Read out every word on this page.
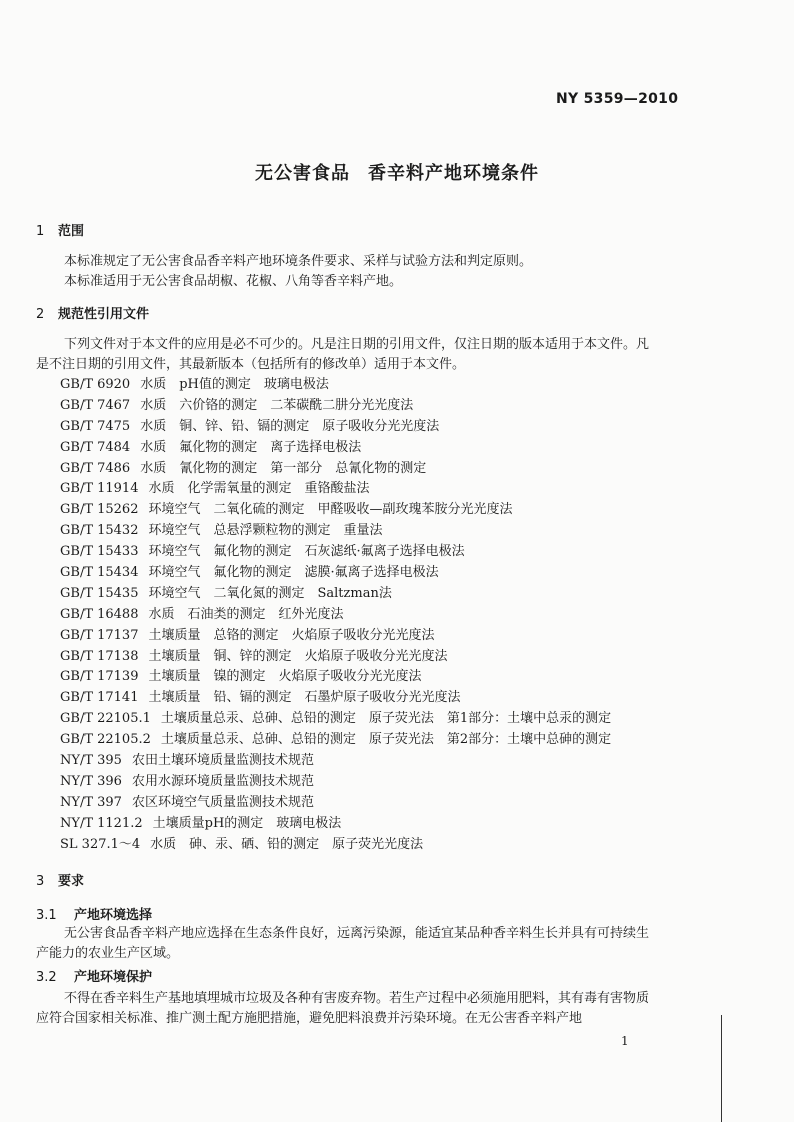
NY 5359—2010
无公害食品 香辛料产地环境条件
1 范围
本标准规定了无公害食品香辛料产地环境条件要求、采样与试验方法和判定原则。
本标准适用于无公害食品胡椒、花椒、八角等香辛料产地。
2 规范性引用文件
下列文件对于本文件的应用是必不可少的。凡是注日期的引用文件，仅注日期的版本适用于本文件。凡是不注日期的引用文件，其最新版本（包括所有的修改单）适用于本文件。
GB/T 6920 水质　pH值的测定　玻璃电极法
GB/T 7467 水质　六价铬的测定　二苯碳酰二肼分光光度法
GB/T 7475 水质　铜、锌、铅、镉的测定　原子吸收分光光度法
GB/T 7484 水质　氟化物的测定　离子选择电极法
GB/T 7486 水质　氰化物的测定　第一部分　总氰化物的测定
GB/T 11914 水质　化学需氧量的测定　重铬酸盐法
GB/T 15262 环境空气　二氧化硫的测定　甲醛吸收—副玫瑰苯胺分光光度法
GB/T 15432 环境空气　总悬浮颗粒物的测定　重量法
GB/T 15433 环境空气　氟化物的测定　石灰滤纸·氟离子选择电极法
GB/T 15434 环境空气　氟化物的测定　滤膜·氟离子选择电极法
GB/T 15435 环境空气　二氧化氮的测定　Saltzman法
GB/T 16488 水质　石油类的测定　红外光度法
GB/T 17137 土壤质量　总铬的测定　火焰原子吸收分光光度法
GB/T 17138 土壤质量　铜、锌的测定　火焰原子吸收分光光度法
GB/T 17139 土壤质量　镍的测定　火焰原子吸收分光光度法
GB/T 17141 土壤质量　铅、镉的测定　石墨炉原子吸收分光光度法
GB/T 22105.1 土壤质量总汞、总砷、总铅的测定　原子荧光法　第1部分：土壤中总汞的测定
GB/T 22105.2 土壤质量总汞、总砷、总铅的测定　原子荧光法　第2部分：土壤中总砷的测定
NY/T 395 农田土壤环境质量监测技术规范
NY/T 396 农用水源环境质量监测技术规范
NY/T 397 农区环境空气质量监测技术规范
NY/T 1121.2 土壤质量pH的测定　玻璃电极法
SL 327.1～4 水质　砷、汞、硒、铅的测定　原子荧光光度法
3 要求
3.1 产地环境选择
无公害食品香辛料产地应选择在生态条件良好，远离污染源，能适宜某品种香辛料生长并具有可持续生产能力的农业生产区域。
3.2 产地环境保护
不得在香辛料生产基地填埋城市垃圾及各种有害废弃物。若生产过程中必须施用肥料，其有毒有害物质应符合国家相关标准、推广测土配方施肥措施，避免肥料浪费并污染环境。在无公害香辛料产地
1
